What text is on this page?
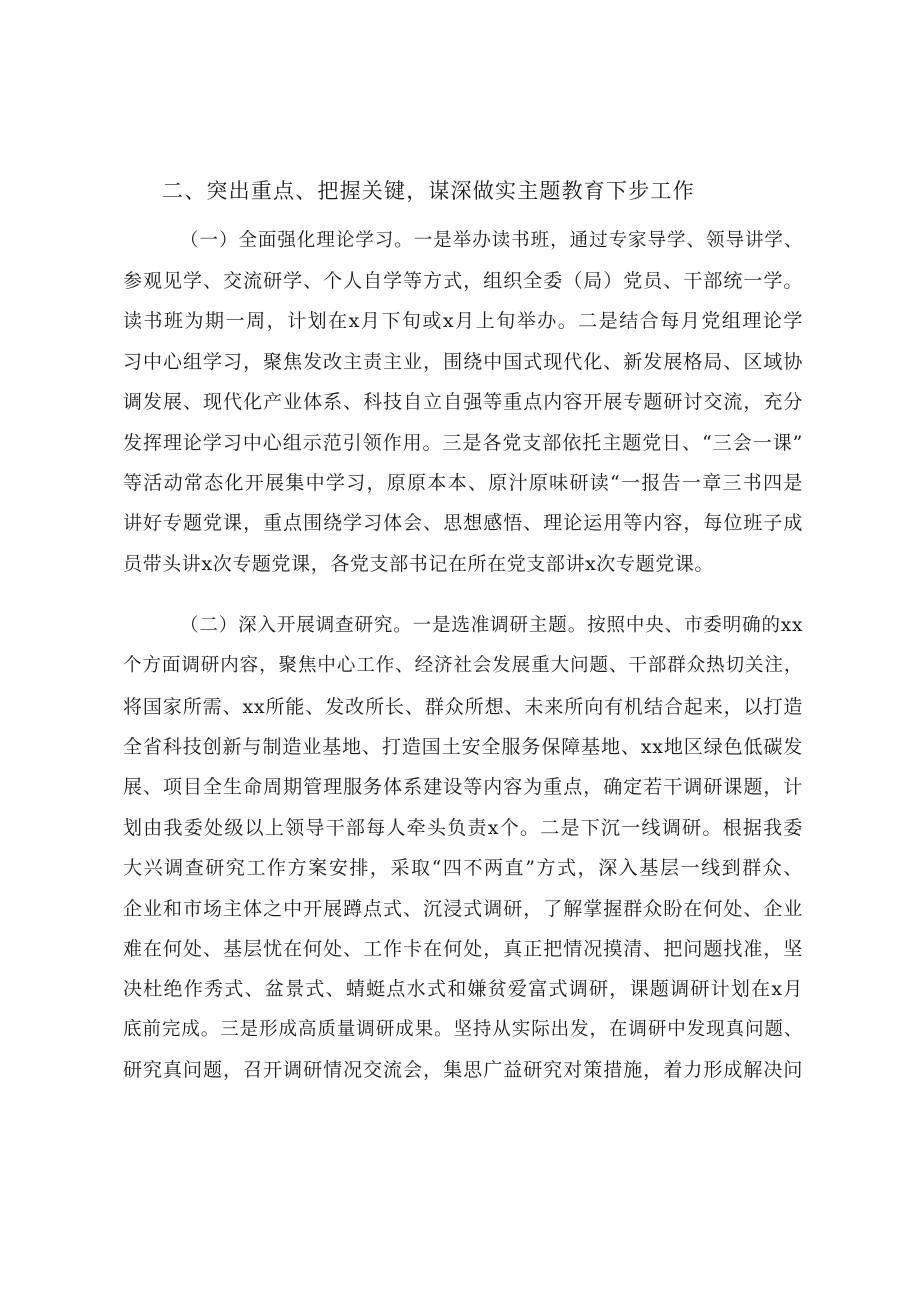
二、突出重点、把握关键，谋深做实主题教育下步工作
（一）全面强化理论学习。一是举办读书班，通过专家导学、领导讲学、
参观见学、交流研学、个人自学等方式，组织全委（局）党员、干部统一学。
读书班为期一周，计划在x月下旬或x月上旬举办。二是结合每月党组理论学
习中心组学习，聚焦发改主责主业，围绕中国式现代化、新发展格局、区域协
调发展、现代化产业体系、科技自立自强等重点内容开展专题研讨交流，充分
发挥理论学习中心组示范引领作用。三是各党支部依托主题党日、“三会一课”
等活动常态化开展集中学习，原原本本、原汁原味研读“一报告一章三书四是
讲好专题党课，重点围绕学习体会、思想感悟、理论运用等内容，每位班子成
员带头讲x次专题党课，各党支部书记在所在党支部讲x次专题党课。
（二）深入开展调查研究。一是选准调研主题。按照中央、市委明确的xx
个方面调研内容，聚焦中心工作、经济社会发展重大问题、干部群众热切关注，
将国家所需、xx所能、发改所长、群众所想、未来所向有机结合起来，以打造
全省科技创新与制造业基地、打造国土安全服务保障基地、xx地区绿色低碳发
展、项目全生命周期管理服务体系建设等内容为重点，确定若干调研课题，计
划由我委处级以上领导干部每人牵头负责x个。二是下沉一线调研。根据我委
大兴调查研究工作方案安排，采取“四不两直”方式，深入基层一线到群众、
企业和市场主体之中开展蹲点式、沉浸式调研，了解掌握群众盼在何处、企业
难在何处、基层忧在何处、工作卡在何处，真正把情况摸清、把问题找准，坚
决杜绝作秀式、盆景式、蜻蜓点水式和嫌贫爱富式调研，课题调研计划在x月
底前完成。三是形成高质量调研成果。坚持从实际出发，在调研中发现真问题、
研究真问题，召开调研情况交流会，集思广益研究对策措施，着力形成解决问
